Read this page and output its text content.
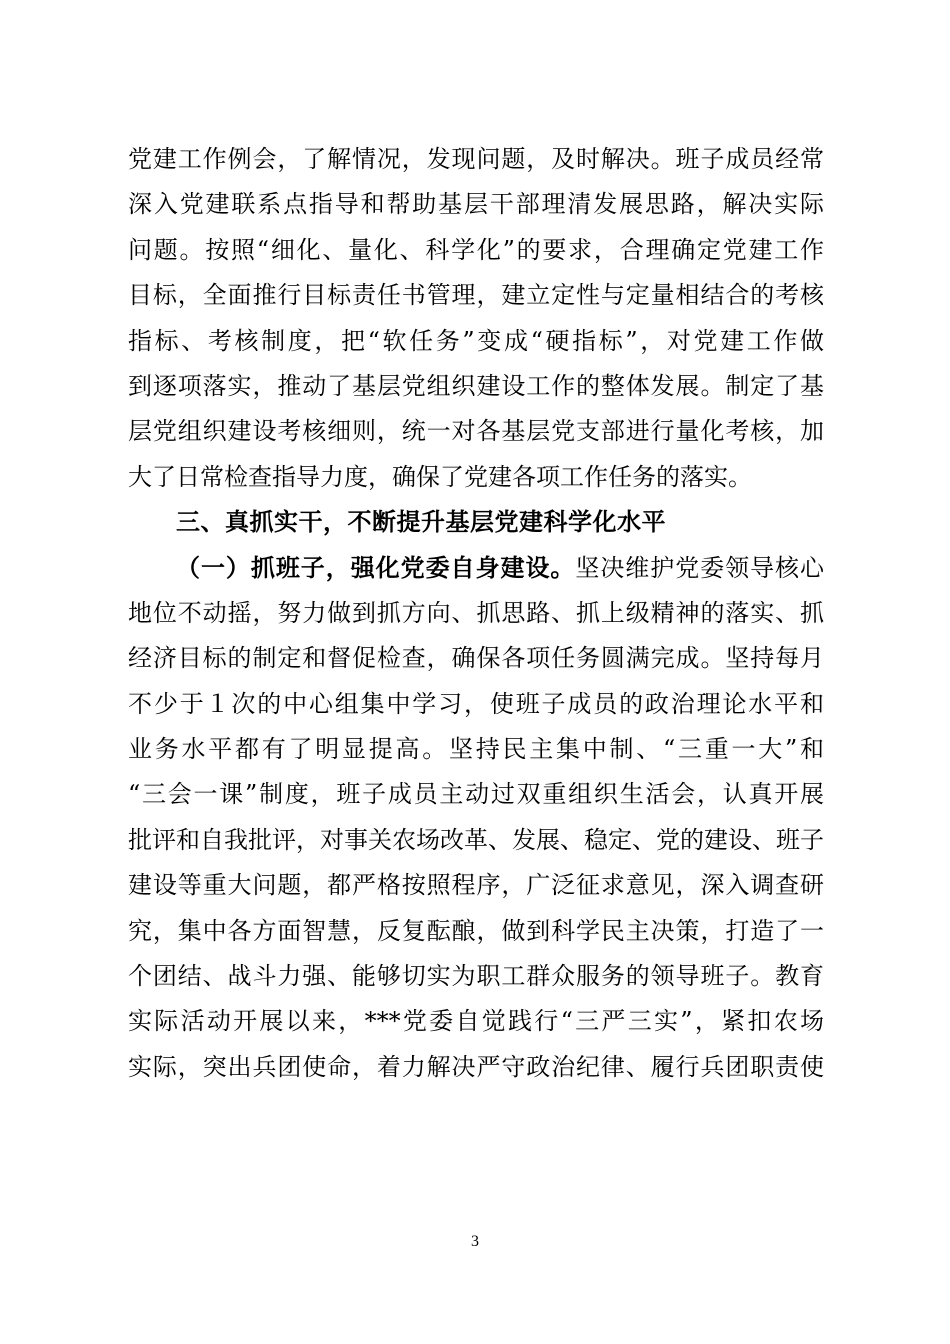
党建工作例会，了解情况，发现问题，及时解决。班子成员经常
深入党建联系点指导和帮助基层干部理清发展思路，解决实际
问题。按照“细化、量化、科学化”的要求，合理确定党建工作
目标，全面推行目标责任书管理，建立定性与定量相结合的考核
指标、考核制度，把“软任务”变成“硬指标”，对党建工作做
到逐项落实，推动了基层党组织建设工作的整体发展。制定了基
层党组织建设考核细则，统一对各基层党支部进行量化考核，加
大了日常检查指导力度，确保了党建各项工作任务的落实。
三、真抓实干，不断提升基层党建科学化水平
（一）抓班子，强化党委自身建设。坚决维护党委领导核心
地位不动摇，努力做到抓方向、抓思路、抓上级精神的落实、抓
经济目标的制定和督促检查，确保各项任务圆满完成。坚持每月
不少于１次的中心组集中学习，使班子成员的政治理论水平和
业务水平都有了明显提高。坚持民主集中制、“三重一大”和
“三会一课”制度，班子成员主动过双重组织生活会，认真开展
批评和自我批评，对事关农场改革、发展、稳定、党的建设、班子
建设等重大问题，都严格按照程序，广泛征求意见，深入调查研
究，集中各方面智慧，反复酝酿，做到科学民主决策，打造了一
个团结、战斗力强、能够切实为职工群众服务的领导班子。教育
实际活动开展以来，***党委自觉践行“三严三实”，紧扣农场
实际，突出兵团使命，着力解决严守政治纪律、履行兵团职责使
3
